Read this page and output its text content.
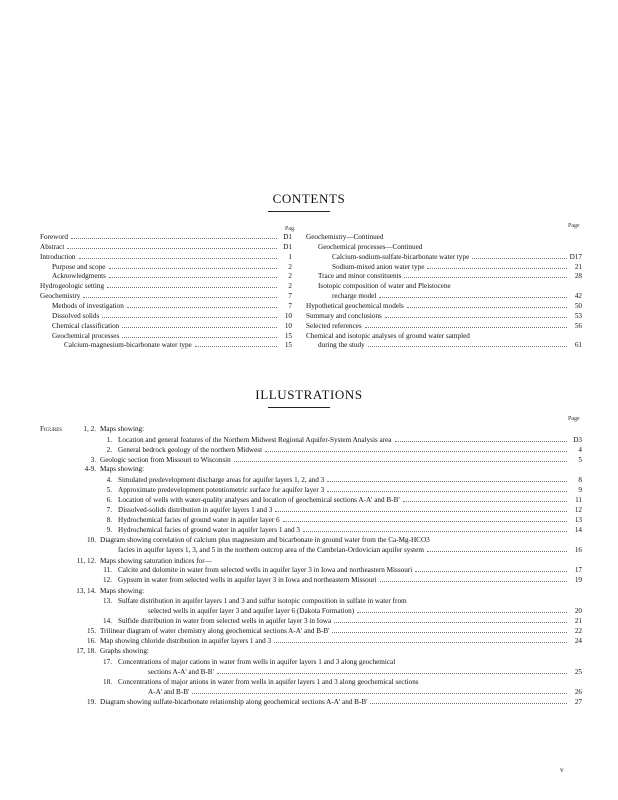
CONTENTS
Pag.	Page
Foreword	D1
Abstract	D1
Introduction	1
Purpose and scope	2
Acknowledgments	2
Hydrogeologic setting	2
Geochemistry	7
Methods of investigation	7
Dissolved solids	10
Chemical classification	10
Geochemical processes	15
Calcium-magnesium-bicarbonate water type	15
Geochemistry—Continued
Geochemical processes—Continued
Calcium-sodium-sulfate-bicarbonate water type	D17
Sodium-mixed anion water type	21
Trace and minor constituents	28
Isotopic composition of water and Pleistocene
recharge model	42
Hypothetical geochemical models	50
Summary and conclusions	53
Selected references	56
Chemical and isotopic analyses of ground water sampled
during the study	61
ILLUSTRATIONS
Page
Figures	1, 2. Maps showing:
1. Location and general features of the Northern Midwest Regional Aquifer-System Analysis area	D3
2. General bedrock geology of the northern Midwest	4
3. Geologic section from Missouri to Wisconsin	5
4-9. Maps showing:
4. Simulated predevelopment discharge areas for aquifer layers 1, 2, and 3	8
5. Approximate predevelopment potentiometric surface for aquifer layer 3	9
6. Location of wells with water-quality analyses and location of geochemical sections A-A' and B-B'	11
7. Dissolved-solids distribution in aquifer layers 1 and 3	12
8. Hydrochemical facies of ground water in aquifer layer 6	13
9. Hydrochemical facies of ground water in aquifer layers 1 and 3	14
10. Diagram showing correlation of calcium plus magnesium and bicarbonate in ground water from the Ca-Mg-HCO3
facies in aquifer layers 1, 3, and 5 in the northern outcrop area of the Cambrian-Ordovician aquifer system	16
11, 12. Maps showing saturation indices for—
11. Calcite and dolomite in water from selected wells in aquifer layer 3 in Iowa and northeastern Missouri	17
12. Gypsum in water from selected wells in aquifer layer 3 in Iowa and northeastern Missouri	19
13, 14. Maps showing:
13. Sulfate distribution in aquifer layers 1 and 3 and sulfur isotopic composition in sulfate in water from
selected wells in aquifer layer 3 and aquifer layer 6 (Dakota Formation)	20
14. Sulfide distribution in water from selected wells in aquifer layer 3 in Iowa	21
15. Trilinear diagram of water chemistry along geochemical sections A-A' and B-B'	22
16. Map showing chloride distribution in aquifer layers 1 and 3	24
17, 18. Graphs showing:
17. Concentrations of major cations in water from wells in aquifer layers 1 and 3 along geochemical
sections A-A' and B-B'	25
18. Concentrations of major anions in water from wells in aquifer layers 1 and 3 along geochemical sections
A-A' and B-B'	26
19. Diagram showing sulfate-bicarbonate relationship along geochemical sections A-A' and B-B'	27
v
